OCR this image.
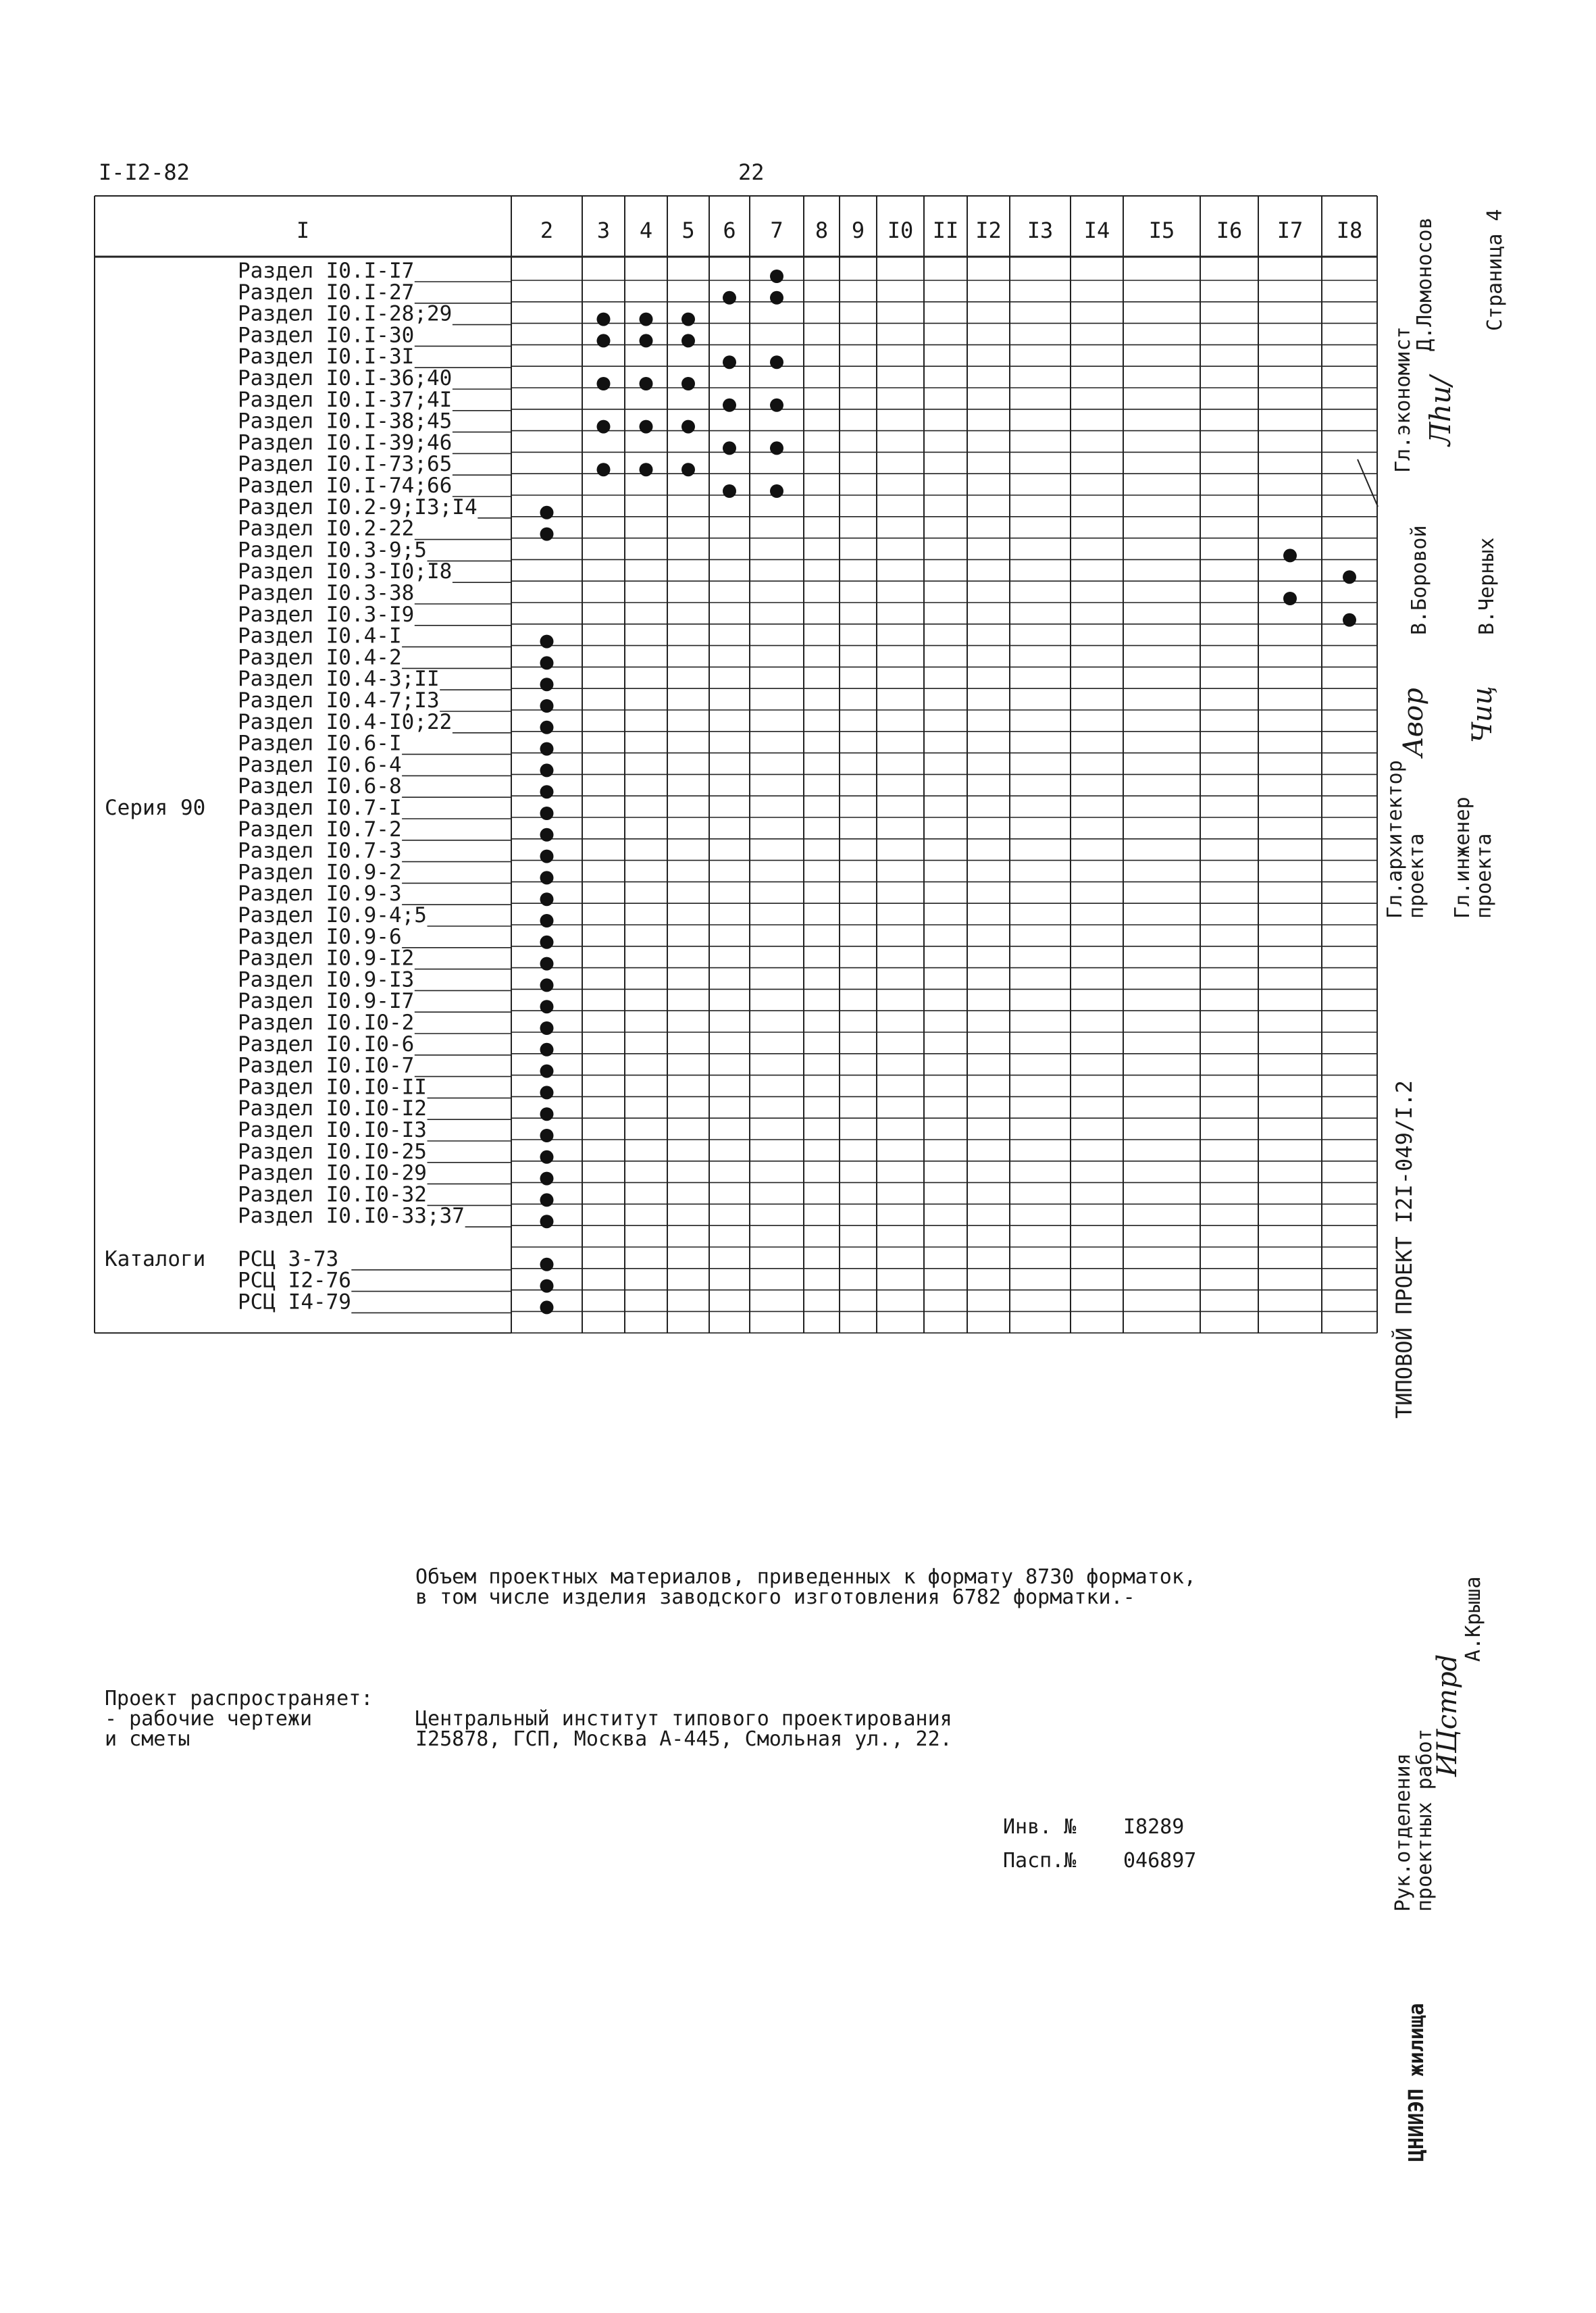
I-I2-82	22
I	2 3 4 5 6 7 8 9 I0 II I2 I3 I4 I5 I6 I7 I8
Раздел I0.I-I7
Раздел I0.I-27
Раздел I0.I-28;29
Раздел I0.I-30
Раздел I0.I-3I
Раздел I0.I-36;40
Раздел I0.I-37;4I
Раздел I0.I-38;45
Раздел I0.I-39;46
Раздел I0.I-73;65
Раздел I0.I-74;66
Раздел I0.2-9;I3;I4
Раздел I0.2-22
Раздел I0.3-9;5
Раздел I0.3-I0;I8
Раздел I0.3-38
Раздел I0.3-I9
Раздел I0.4-I
Раздел I0.4-2
Раздел I0.4-3;II
Раздел I0.4-7;I3
Раздел I0.4-I0;22
Раздел I0.6-I
Раздел I0.6-4
Раздел I0.6-8
Раздел I0.7-I
Раздел I0.7-2
Раздел I0.7-3
Раздел I0.9-2
Раздел I0.9-3
Раздел I0.9-4;5
Раздел I0.9-6
Раздел I0.9-I2
Раздел I0.9-I3
Раздел I0.9-I7
Раздел I0.I0-2
Раздел I0.I0-6
Раздел I0.I0-7
Раздел I0.I0-II
Раздел I0.I0-I2
Раздел I0.I0-I3
Раздел I0.I0-25
Раздел I0.I0-29
Раздел I0.I0-32
Раздел I0.I0-33;37
РСЦ 3-73
РСЦ I2-76
РСЦ I4-79
Серия 90
Каталоги
Страница 4
Гл.экономист
Д.Ломоносов
Лhu/
Гл.архитектор
проекта
Aвoр
В.Боровой
Гл.инженер
проекта
Чuц
В.Черных
ТИПОВОЙ ПРОЕКТ I2I-049/I.2
Рук.отделения
проектных работ
А.Крыша
ИЦcтрd
ЦНИИЭП жилища
Объем проектных материалов, приведенных к формату 8730 форматок,
в том числе изделия заводского изготовления 6782 форматки.-
Проект распространяет:
- рабочие чертежи
и сметы
Центральный институт типового проектирования
I25878, ГСП, Москва А-445, Смольная ул., 22.
Инв. № I8289
Пасп.№ 046897
